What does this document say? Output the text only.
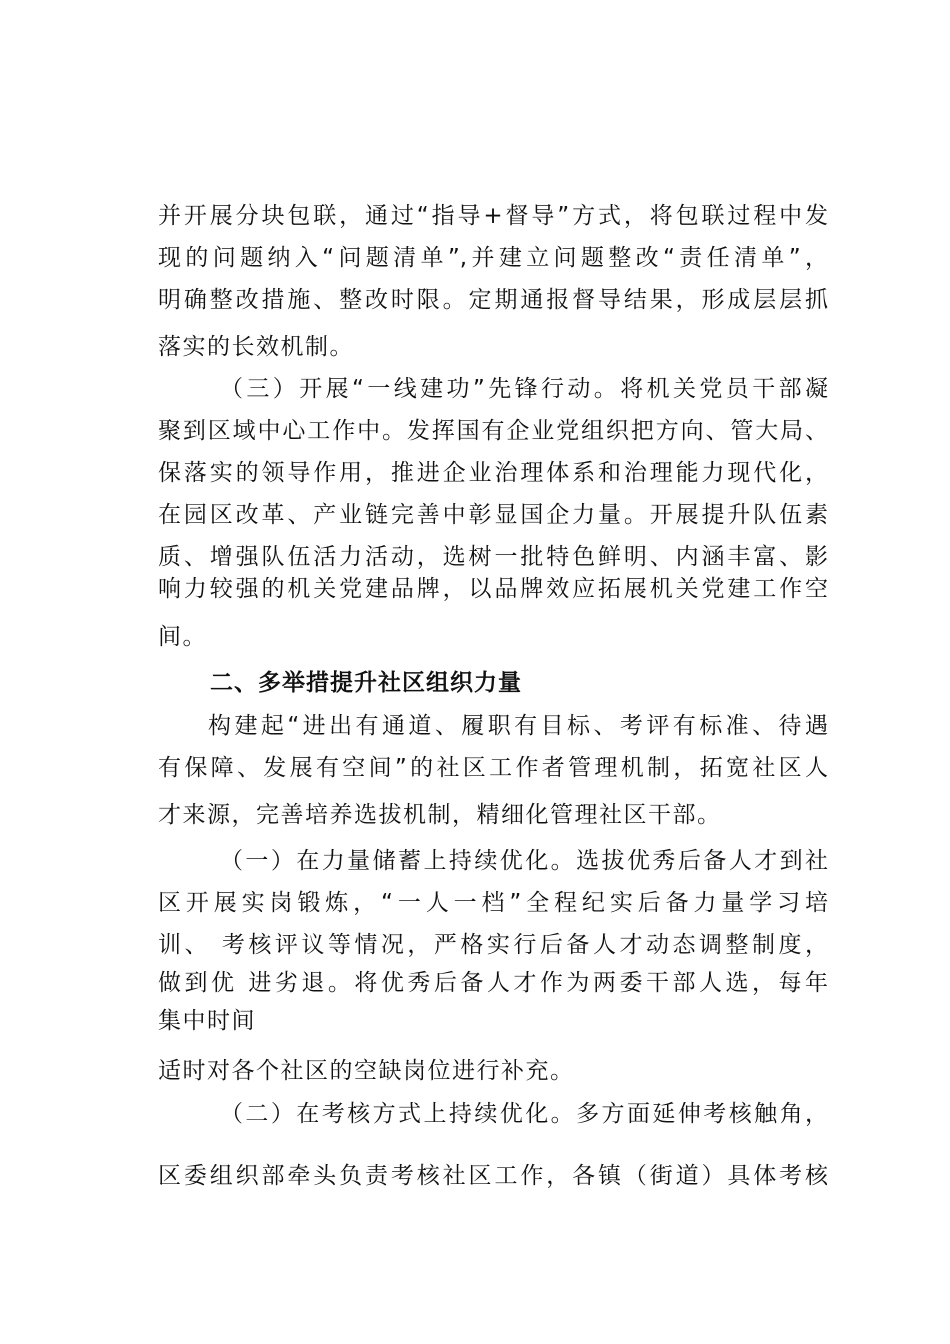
并开展分块包联，通过“指导+督导”方式，将包联过程中发
现的问题纳入“问题清单”,并建立问题整改“责任清单”，
明确整改措施、整改时限。定期通报督导结果，形成层层抓
落实的长效机制。
（三）开展“一线建功”先锋行动。将机关党员干部凝
聚到区域中心工作中。发挥国有企业党组织把方向、管大局、
保落实的领导作用，推进企业治理体系和治理能力现代化，
在园区改革、产业链完善中彰显国企力量。开展提升队伍素
质、增强队伍活力活动，选树一批特色鲜明、内涵丰富、影
响力较强的机关党建品牌，以品牌效应拓展机关党建工作空
间。
二、多举措提升社区组织力量
构建起“进出有通道、履职有目标、考评有标准、待遇
有保障、发展有空间”的社区工作者管理机制，拓宽社区人
才来源，完善培养选拔机制，精细化管理社区干部。
（一）在力量储蓄上持续优化。选拔优秀后备人才到社
区开展实岗锻炼，“一人一档”全程纪实后备力量学习培
训、 考核评议等情况，严格实行后备人才动态调整制度，
做到优 进劣退。将优秀后备人才作为两委干部人选，每年
集中时间
适时对各个社区的空缺岗位进行补充。
（二）在考核方式上持续优化。多方面延伸考核触角，
区委组织部牵头负责考核社区工作，各镇（街道）具体考核
